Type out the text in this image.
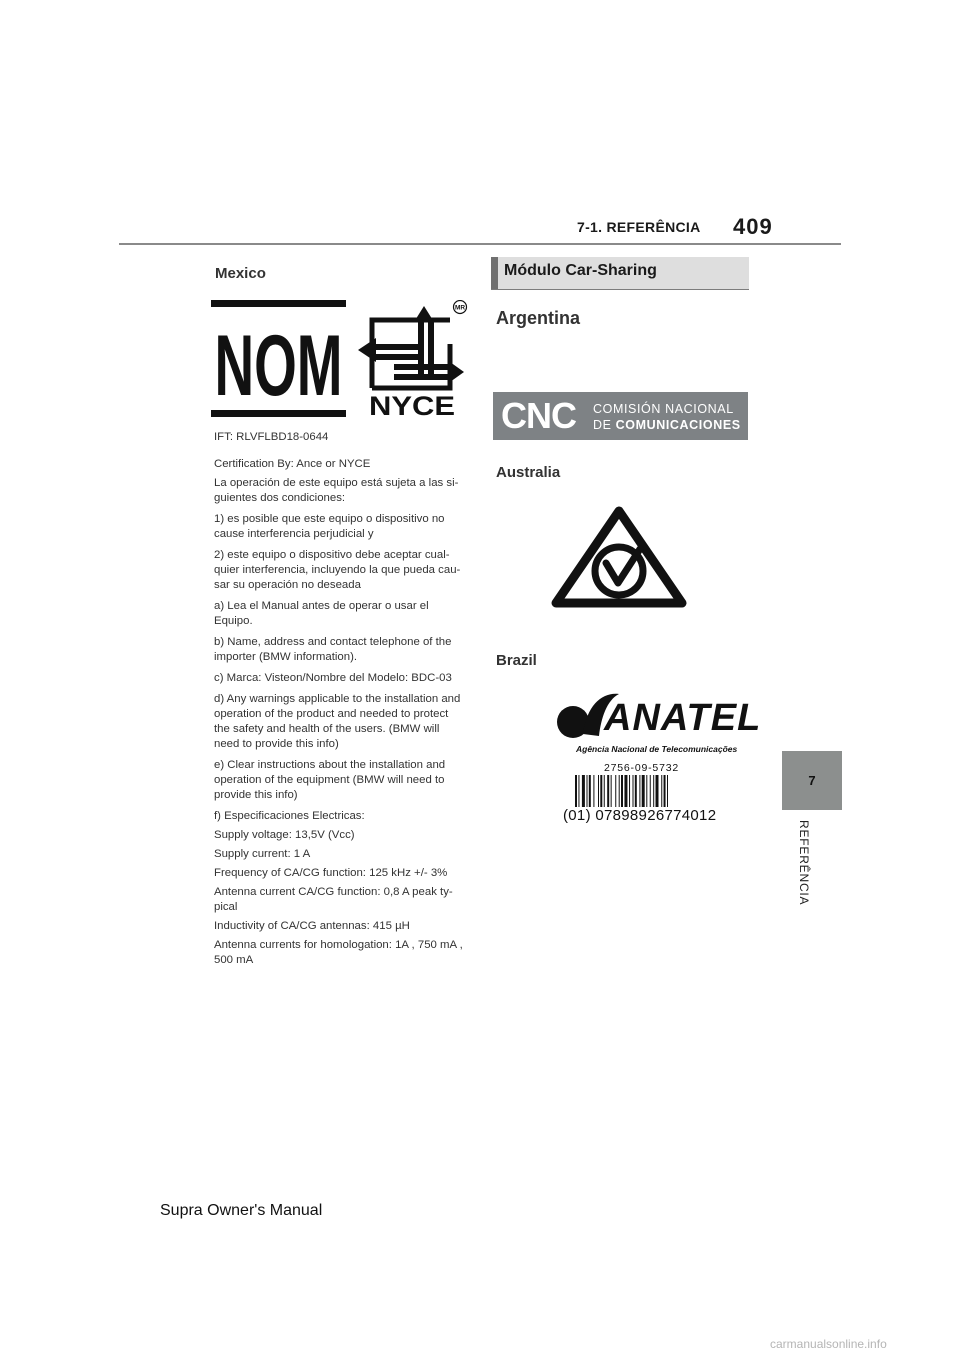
7-1. REFERÊNCIA 409
7
REFERÊNCIA
Mexico
NOM
MR
NYCE

IFT: RLVFLBD18-0644

Certification By: Ance or NYCE

La operación de este equipo está sujeta a las si-guientes dos condiciones:

1) es posible que este equipo o dispositivo no cause interferencia perjudicial y

2) este equipo o dispositivo debe aceptar cual-quier interferencia, incluyendo la que pueda cau-sar su operación no deseada

a) Lea el Manual antes de operar o usar el Equipo.

b) Name, address and contact telephone of the importer (BMW information).

c) Marca: Visteon/Nombre del Modelo: BDC-03

d) Any warnings applicable to the installation and operation of the product and needed to protect the safety and health of the users. (BMW will need to provide this info)

e) Clear instructions about the installation and operation of the equipment (BMW will need to provide this info)

f) Especificaciones Electricas:

Supply voltage: 13,5V (Vcc)

Supply current: 1 A

Frequency of CA/CG function: 125 kHz +/- 3%

Antenna current CA/CG function: 0,8 A peak ty-pical

Inductivity of CA/CG antennas: 415 µH

Antenna currents for homologation: 1A , 750 mA , 500 mA

Módulo Car-Sharing
Argentina
CNC COMISIÓN NACIONAL
DE COMUNICACIONES
Australia
Brazil
ANATEL
Agência Nacional de Telecomunicações
2756-09-5732
(01) 07898926774012
Supra Owner's Manual
carmanualsonline.info
